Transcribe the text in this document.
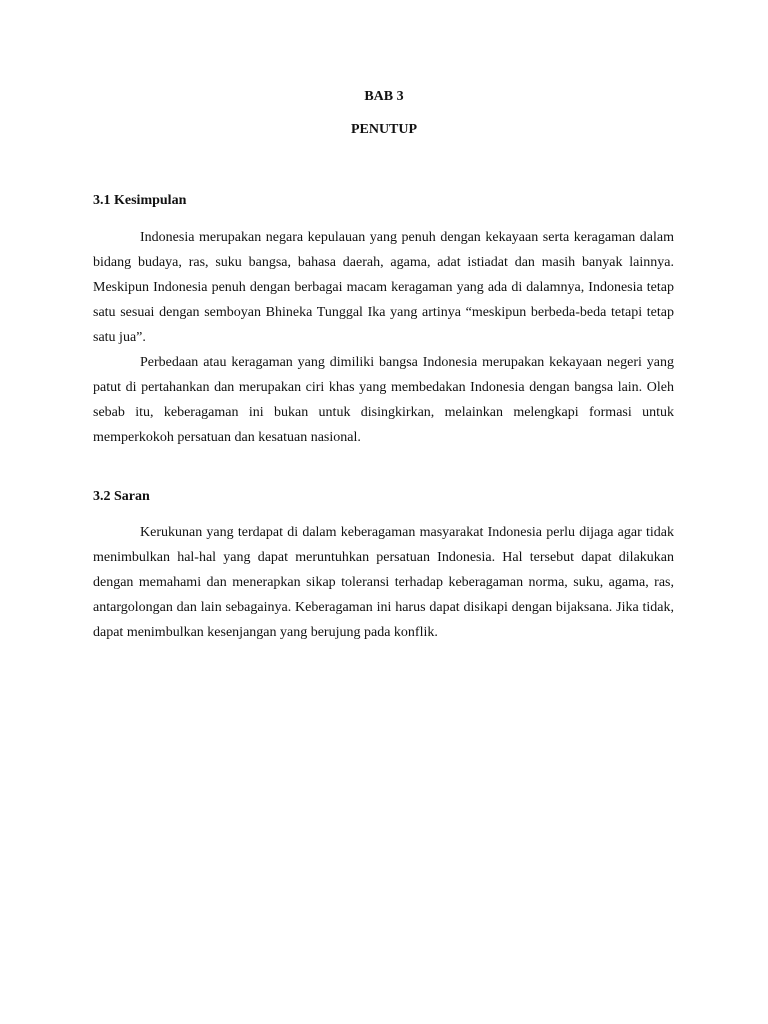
BAB 3
PENUTUP
3.1 Kesimpulan

Indonesia merupakan negara kepulauan yang penuh dengan kekayaan serta keragaman dalam bidang budaya, ras, suku bangsa, bahasa daerah, agama, adat istiadat dan masih banyak lainnya. Meskipun Indonesia penuh dengan berbagai macam keragaman yang ada di dalamnya, Indonesia tetap satu sesuai dengan semboyan Bhineka Tunggal Ika yang artinya “meskipun berbeda-beda tetapi tetap satu jua”.

Perbedaan atau keragaman yang dimiliki bangsa Indonesia merupakan kekayaan negeri yang patut di pertahankan dan merupakan ciri khas yang membedakan Indonesia dengan bangsa lain. Oleh sebab itu, keberagaman ini bukan untuk disingkirkan, melainkan melengkapi formasi untuk memperkokoh persatuan dan kesatuan nasional.

3.2 Saran

Kerukunan yang terdapat di dalam keberagaman masyarakat Indonesia perlu dijaga agar tidak menimbulkan hal-hal yang dapat meruntuhkan persatuan Indonesia. Hal tersebut dapat dilakukan dengan memahami dan menerapkan sikap toleransi terhadap keberagaman norma, suku, agama, ras, antargolongan dan lain sebagainya. Keberagaman ini harus dapat disikapi dengan bijaksana. Jika tidak, dapat menimbulkan kesenjangan yang berujung pada konflik.
